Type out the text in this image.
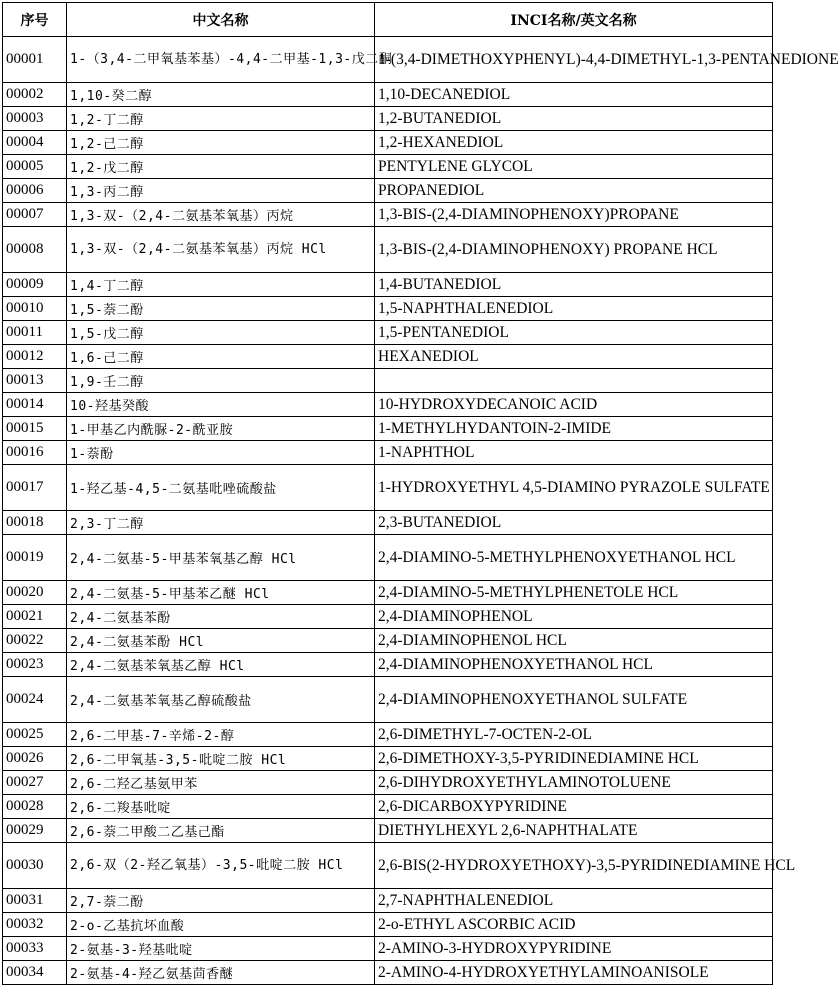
序号	中文名称	INCI名称/英文名称
00001	1-（3,4-二甲氧基苯基）-4,4-二甲基-1,3-戊二酮	1-(3,4-DIMETHOXYPHENYL)-4,4-DIMETHYL-1,3-PENTANEDIONE
00002	1,10-癸二醇	1,10-DECANEDIOL
00003	1,2-丁二醇	1,2-BUTANEDIOL
00004	1,2-己二醇	1,2-HEXANEDIOL
00005	1,2-戊二醇	PENTYLENE GLYCOL
00006	1,3-丙二醇	PROPANEDIOL
00007	1,3-双-（2,4-二氨基苯氧基）丙烷	1,3-BIS-(2,4-DIAMINOPHENOXY)PROPANE
00008	1,3-双-（2,4-二氨基苯氧基）丙烷 HCl	1,3-BIS-(2,4-DIAMINOPHENOXY) PROPANE HCL
00009	1,4-丁二醇	1,4-BUTANEDIOL
00010	1,5-萘二酚	1,5-NAPHTHALENEDIOL
00011	1,5-戊二醇	1,5-PENTANEDIOL
00012	1,6-己二醇	HEXANEDIOL
00013	1,9-壬二醇	
00014	10-羟基癸酸	10-HYDROXYDECANOIC ACID
00015	1-甲基乙内酰脲-2-酰亚胺	1-METHYLHYDANTOIN-2-IMIDE
00016	1-萘酚	1-NAPHTHOL
00017	1-羟乙基-4,5-二氨基吡唑硫酸盐	1-HYDROXYETHYL 4,5-DIAMINO PYRAZOLE SULFATE
00018	2,3-丁二醇	2,3-BUTANEDIOL
00019	2,4-二氨基-5-甲基苯氧基乙醇 HCl	2,4-DIAMINO-5-METHYLPHENOXYETHANOL HCL
00020	2,4-二氨基-5-甲基苯乙醚 HCl	2,4-DIAMINO-5-METHYLPHENETOLE HCL
00021	2,4-二氨基苯酚	2,4-DIAMINOPHENOL
00022	2,4-二氨基苯酚 HCl	2,4-DIAMINOPHENOL HCL
00023	2,4-二氨基苯氧基乙醇 HCl	2,4-DIAMINOPHENOXYETHANOL HCL
00024	2,4-二氨基苯氧基乙醇硫酸盐	2,4-DIAMINOPHENOXYETHANOL SULFATE
00025	2,6-二甲基-7-辛烯-2-醇	2,6-DIMETHYL-7-OCTEN-2-OL
00026	2,6-二甲氧基-3,5-吡啶二胺 HCl	2,6-DIMETHOXY-3,5-PYRIDINEDIAMINE HCL
00027	2,6-二羟乙基氨甲苯	2,6-DIHYDROXYETHYLAMINOTOLUENE
00028	2,6-二羧基吡啶	2,6-DICARBOXYPYRIDINE
00029	2,6-萘二甲酸二乙基己酯	DIETHYLHEXYL 2,6-NAPHTHALATE
00030	2,6-双（2-羟乙氧基）-3,5-吡啶二胺 HCl	2,6-BIS(2-HYDROXYETHOXY)-3,5-PYRIDINEDIAMINE HCL
00031	2,7-萘二酚	2,7-NAPHTHALENEDIOL
00032	2-o-乙基抗坏血酸	2-o-ETHYL ASCORBIC ACID
00033	2-氨基-3-羟基吡啶	2-AMINO-3-HYDROXYPYRIDINE
00034	2-氨基-4-羟乙氨基茴香醚	2-AMINO-4-HYDROXYETHYLAMINOANISOLE
